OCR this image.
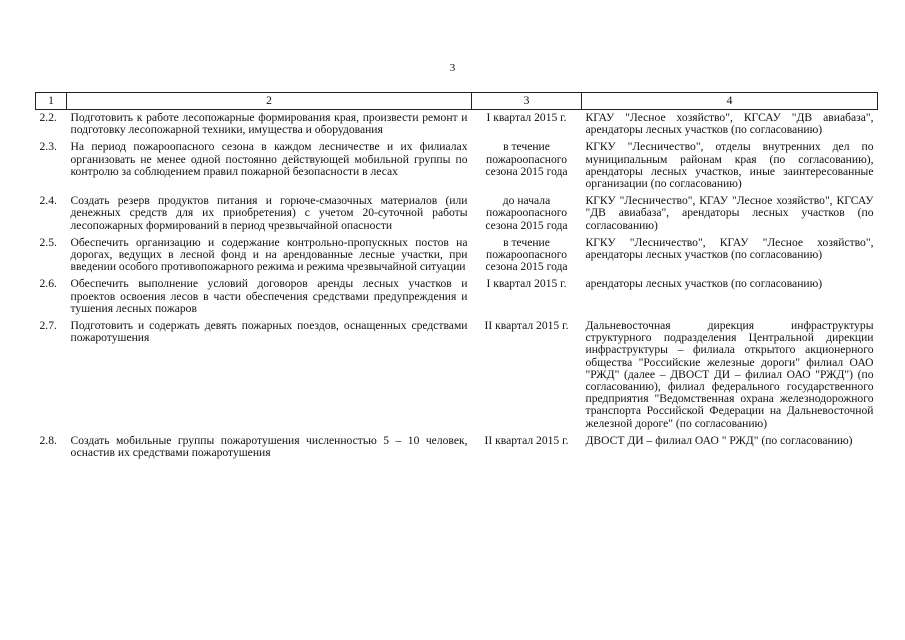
3
1	2	3	4
2.2.	Подготовить к работе лесопожарные формирования края, произвести ремонт и подготовку лесопожарной техники, имущества и оборудования	I квартал 2015 г.	КГАУ "Лесное хозяйство", КГСАУ "ДВ авиабаза", арендаторы лесных участков (по согласованию)
2.3.	На период пожароопасного сезона в каждом лесничестве и их филиалах организовать не менее одной постоянно действующей мобильной группы по контролю за соблюдением правил пожарной безопасности в лесах	в течение пожароопасного сезона 2015 года	КГКУ "Лесничество", отделы внутренних дел по муниципальным районам края (по согласованию), арендаторы лесных участков, иные заинтересованные организации (по согласованию)
2.4.	Создать резерв продуктов питания и горюче-смазочных материалов (или денежных средств для их приобретения) с учетом 20-суточной работы лесопожарных формирований в период чрезвычайной опасности	до начала пожароопасного сезона 2015 года	КГКУ "Лесничество", КГАУ "Лесное хозяйство", КГСАУ "ДВ авиабаза", арендаторы лесных участков (по согласованию)
2.5.	Обеспечить организацию и содержание контрольно-пропускных постов на дорогах, ведущих в лесной фонд и на арендованные лесные участки, при введении особого противопожарного режима и режима чрезвычайной ситуации	в течение пожароопасного сезона 2015 года	КГКУ "Лесничество", КГАУ "Лесное хозяйство", арендаторы лесных участков (по согласованию)
2.6.	Обеспечить выполнение условий договоров аренды лесных участков и проектов освоения лесов в части обеспечения средствами предупреждения и тушения лесных пожаров	I квартал 2015 г.	арендаторы лесных участков (по согласованию)
2.7.	Подготовить и содержать девять пожарных поездов, оснащенных средствами пожаротушения	II квартал 2015 г.	Дальневосточная дирекция инфраструктуры структурного подразделения Центральной дирекции инфраструктуры – филиала открытого акционерного общества "Российские железные дороги" филиал ОАО "РЖД" (далее – ДВОСТ ДИ – филиал ОАО "РЖД") (по согласованию), филиал федерального государственного предприятия "Ведомственная охрана железнодорожного транспорта Российской Федерации на Дальневосточной железной дороге" (по согласованию)
2.8.	Создать мобильные группы пожаротушения численностью 5 – 10 человек, оснастив их средствами пожаротушения	II квартал 2015 г.	ДВОСТ ДИ – филиал ОАО " РЖД" (по согласованию)
